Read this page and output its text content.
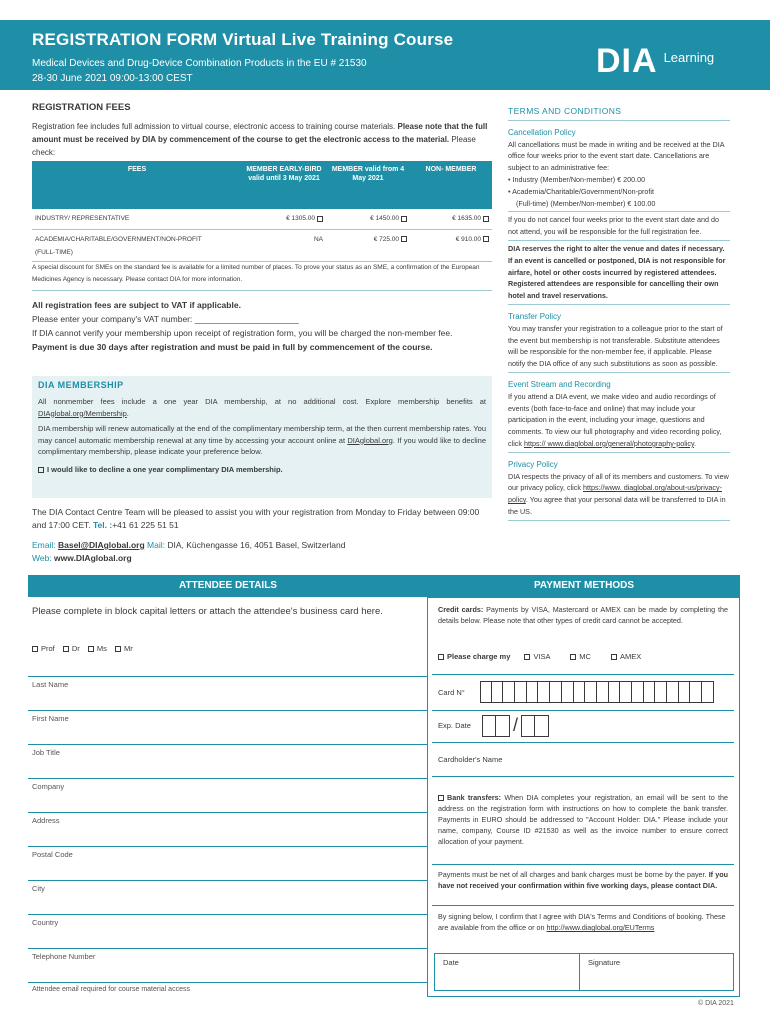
REGISTRATION FORM Virtual Live Training Course
Medical Devices and Drug-Device Combination Products in the EU # 21530
28-30 June 2021 09:00-13:00 CEST	DIA Learning
REGISTRATION FEES
Registration fee includes full admission to virtual course, electronic access to training course materials. Please note that the full amount must be received by DIA by commencement of the course to get the electronic access to the material. Please check:
FEES	MEMBER EARLY-BIRD valid until 3 May 2021	MEMBER valid from 4 May 2021	NON- MEMBER
INDUSTRY/ REPRESENTATIVE	€ 1305.00	€ 1450.00	€ 1635.00
ACADEMIA/CHARITABLE/GOVERNMENT/NON-PROFIT	NA	€ 725.00	€ 910.00
(FULL-TIME)			
A special discount for SMEs on the standard fee is available for a limited number of places. To prove your status as an SME, a confirmation of the European Medicines Agency is necessary. Please contact DIA for more information.
All registration fees are subject to VAT if applicable.
Please enter your company's VAT number: ______________________
If DIA cannot verify your membership upon receipt of registration form, you will be charged the non-member fee.
Payment is due 30 days after registration and must be paid in full by commencement of the course.
DIA MEMBERSHIP
All nonmember fees include a one year DIA membership, at no additional cost. Explore membership benefits at DIAglobal.org/Membership.
DIA membership will renew automatically at the end of the complimentary membership term, at the then current membership rates. You may cancel automatic membership renewal at any time by accessing your account online at DIAglobal.org. If you would like to decline complimentary membership, please indicate your preference below.
I would like to decline a one year complimentary DIA membership.
The DIA Contact Centre Team will be pleased to assist you with your registration from Monday to Friday between 09:00 and 17:00 CET. Tel. :+41 61 225 51 51
Email: Basel@DIAglobal.org Mail: DIA, Küchengasse 16, 4051 Basel, Switzerland
Web: www.DIAglobal.org
TERMS AND CONDITIONS
Cancellation Policy
All cancellations must be made in writing and be received at the DIA office four weeks prior to the event start date. Cancellations are subject to an administrative fee:
• Industry (Member/Non-member) € 200.00
• Academia/Charitable/Government/Non-profit
(Full-time) (Member/Non-member) € 100.00
If you do not cancel four weeks prior to the event start date and do not attend, you will be responsible for the full registration fee.
DIA reserves the right to alter the venue and dates if necessary. If an event is cancelled or postponed, DIA is not responsible for airfare, hotel or other costs incurred by registered attendees. Registered attendees are responsible for cancelling their own hotel and travel reservations.
Transfer Policy
You may transfer your registration to a colleague prior to the start of the event but membership is not transferable. Substitute attendees will be responsible for the non-member fee, if applicable. Please notify the DIA office of any such substitutions as soon as possible.
Event Stream and Recording
If you attend a DIA event, we make video and audio recordings of events (both face-to-face and online) that may include your participation in the event, including your image, questions and comments. To view our full photography and video recording policy, click https:// www.diaglobal.org/general/photography-policy.
Privacy Policy
DIA respects the privacy of all of its members and customers. To view our privacy policy, click https://www. diaglobal.org/about-us/privacy-policy. You agree that your personal data will be transferred to DIA in the US.
ATTENDEE DETAILS	PAYMENT METHODS
Please complete in block capital letters or attach the attendee's business card here.
Prof Dr Ms Mr
Last Name
First Name
Job Title
Company
Address
Postal Code
City
Country
Telephone Number
Attendee email required for course material access
Credit cards: Payments by VISA, Mastercard or AMEX can be made by completing the details below. Please note that other types of credit card cannot be accepted.
Please charge my	VISA	MC	AMEX
Card N°
Exp. Date	/
Cardholder's Name
Bank transfers: When DIA completes your registration, an email will be sent to the address on the registration form with instructions on how to complete the bank transfer. Payments in EURO should be addressed to "Account Holder: DIA." Please include your name, company, Course ID #21530 as well as the invoice number to ensure correct allocation of your payment.
Payments must be net of all charges and bank charges must be borne by the payer. If you have not received your confirmation within five working days, please contact DIA.
By signing below, I confirm that I agree with DIA's Terms and Conditions of booking. These are available from the office or on http://www.diaglobal.org/EUTerms
Date	Signature
© DIA 2021
